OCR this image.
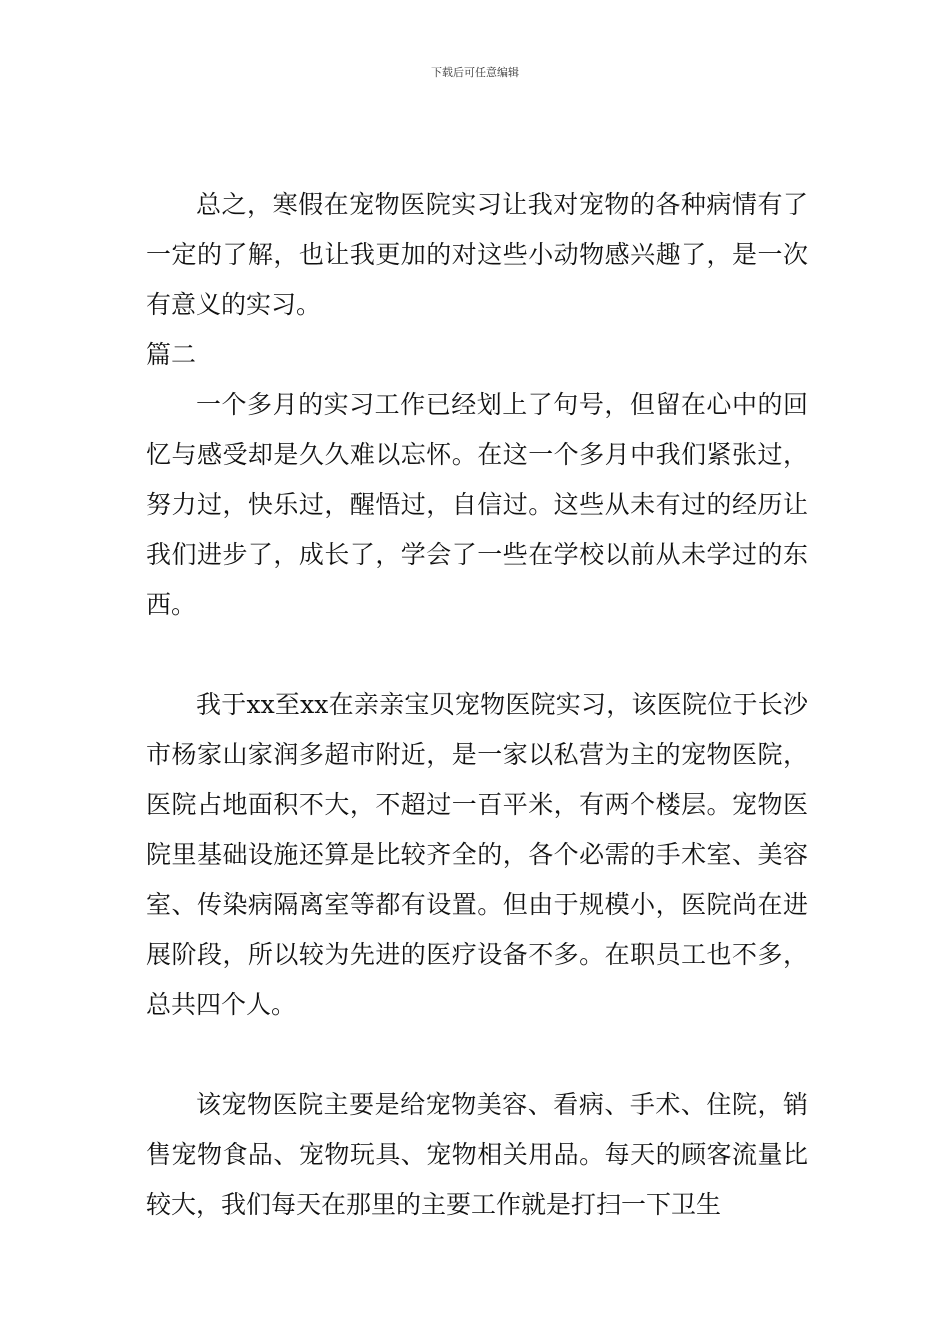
下载后可任意编辑

总之，寒假在宠物医院实习让我对宠物的各种病情有了一定的了解，也让我更加的对这些小动物感兴趣了，是一次有意义的实习。

篇二

一个多月的实习工作已经划上了句号，但留在心中的回忆与感受却是久久难以忘怀。在这一个多月中我们紧张过，努力过，快乐过，醒悟过，自信过。这些从未有过的经历让我们进步了，成长了，学会了一些在学校以前从未学过的东西。

我于xx至xx在亲亲宝贝宠物医院实习，该医院位于长沙市杨家山家润多超市附近，是一家以私营为主的宠物医院，医院占地面积不大，不超过一百平米，有两个楼层。宠物医院里基础设施还算是比较齐全的，各个必需的手术室、美容室、传染病隔离室等都有设置。但由于规模小，医院尚在进展阶段，所以较为先进的医疗设备不多。在职员工也不多，总共四个人。

该宠物医院主要是给宠物美容、看病、手术、住院，销售宠物食品、宠物玩具、宠物相关用品。每天的顾客流量比较大，我们每天在那里的主要工作就是打扫一下卫生
